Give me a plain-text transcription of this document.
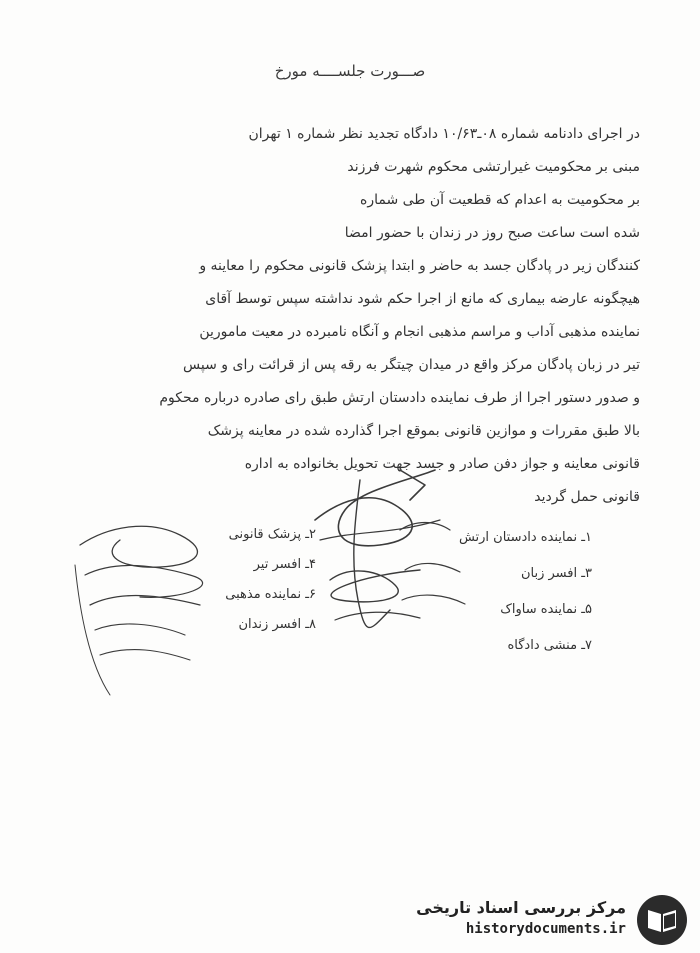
صـــورت جلســــه مورخ
در اجرای دادنامه شماره ۰۸ـ۱۰/۶۳ دادگاه تجدید نظر شماره ۱ تهران
مبنی بر محکومیت غیرارتشی محکوم شهرت فرزند
بر محکومیت به اعدام که قطعیت آن طی شماره
شده است ساعت صبح روز در زندان با حضور امضا
کنندگان زیر در پادگان جسد به حاضر و ابتدا پزشک قانونی محکوم را معاینه و
هیچگونه عارضه بیماری که مانع از اجرا حکم شود نداشته سپس توسط آقای
نماینده مذهبی آداب و مراسم مذهبی انجام و آنگاه نامبرده در معیت مامورین
تیر در زبان پادگان مرکز واقع در میدان چیتگر به رقه پس از قرائت رای و سپس
و صدور دستور اجرا از طرف نماینده دادستان ارتش طبق رای صادره درباره محکوم
بالا طبق مقررات و موازین قانونی بموقع اجرا گذارده شده در معاینه پزشک
قانونی معاینه و جواز دفن صادر و جسد جهت تحویل بخانواده به اداره
قانونی حمل گردید
۱ـ نماینده دادستان ارتش
۳ـ افسر زبان
۵ـ نماینده ساواک
۷ـ منشی دادگاه
۲ـ پزشک قانونی
۴ـ افسر تیر
۶ـ نماینده مذهبی
۸ـ افسر زندان
مرکز بررسی اسناد تاریخی
historydocuments.ir
